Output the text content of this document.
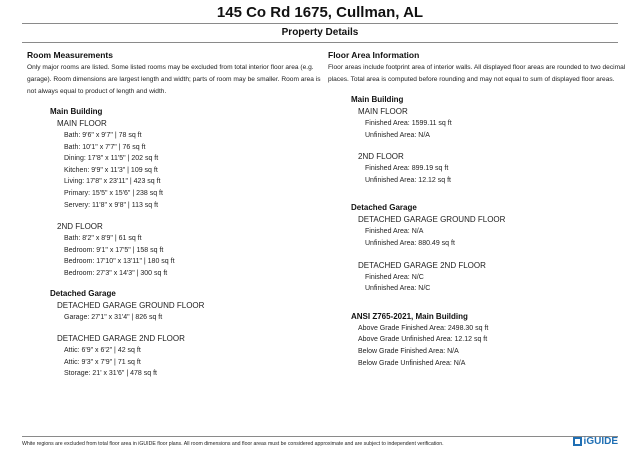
145 Co Rd 1675, Cullman, AL
Property Details
Room Measurements
Only major rooms are listed. Some listed rooms may be excluded from total interior floor area (e.g. garage). Room dimensions are largest length and width; parts of room may be smaller. Room area is not always equal to product of length and width.
Main Building
MAIN FLOOR
Bath: 9'6" x 9'7" | 78 sq ft
Bath: 10'1" x 7'7" | 76 sq ft
Dining: 17'8" x 11'5" | 202 sq ft
Kitchen: 9'9" x 11'3" | 109 sq ft
Living: 17'8" x 23'11" | 423 sq ft
Primary: 15'5" x 15'6" | 238 sq ft
Servery: 11'8" x 9'8" | 113 sq ft
2ND FLOOR
Bath: 8'2" x 8'9" | 61 sq ft
Bedroom: 9'1" x 17'5" | 158 sq ft
Bedroom: 17'10" x 13'11" | 180 sq ft
Bedroom: 27'3" x 14'3" | 300 sq ft
Detached Garage
DETACHED GARAGE GROUND FLOOR
Garage: 27'1" x 31'4" | 826 sq ft
DETACHED GARAGE 2ND FLOOR
Attic: 6'9" x 6'2" | 42 sq ft
Attic: 9'3" x 7'9" | 71 sq ft
Storage: 21' x 31'6" | 478 sq ft
Floor Area Information
Floor areas include footprint area of interior walls. All displayed floor areas are rounded to two decimal places. Total area is computed before rounding and may not equal to sum of displayed floor areas.
Main Building
MAIN FLOOR
Finished Area: 1599.11 sq ft
Unfinished Area: N/A
2ND FLOOR
Finished Area: 899.19 sq ft
Unfinished Area: 12.12 sq ft
Detached Garage
DETACHED GARAGE GROUND FLOOR
Finished Area: N/A
Unfinished Area: 880.49 sq ft
DETACHED GARAGE 2ND FLOOR
Finished Area: N/C
Unfinished Area: N/C
ANSI Z765-2021, Main Building
Above Grade Finished Area: 2498.30 sq ft
Above Grade Unfinished Area: 12.12 sq ft
Below Grade Finished Area: N/A
Below Grade Unfinished Area: N/A
White regions are excluded from total floor area in iGUIDE floor plans. All room dimensions and floor areas must be considered approximate and are subject to independent verification.	iGUIDE
